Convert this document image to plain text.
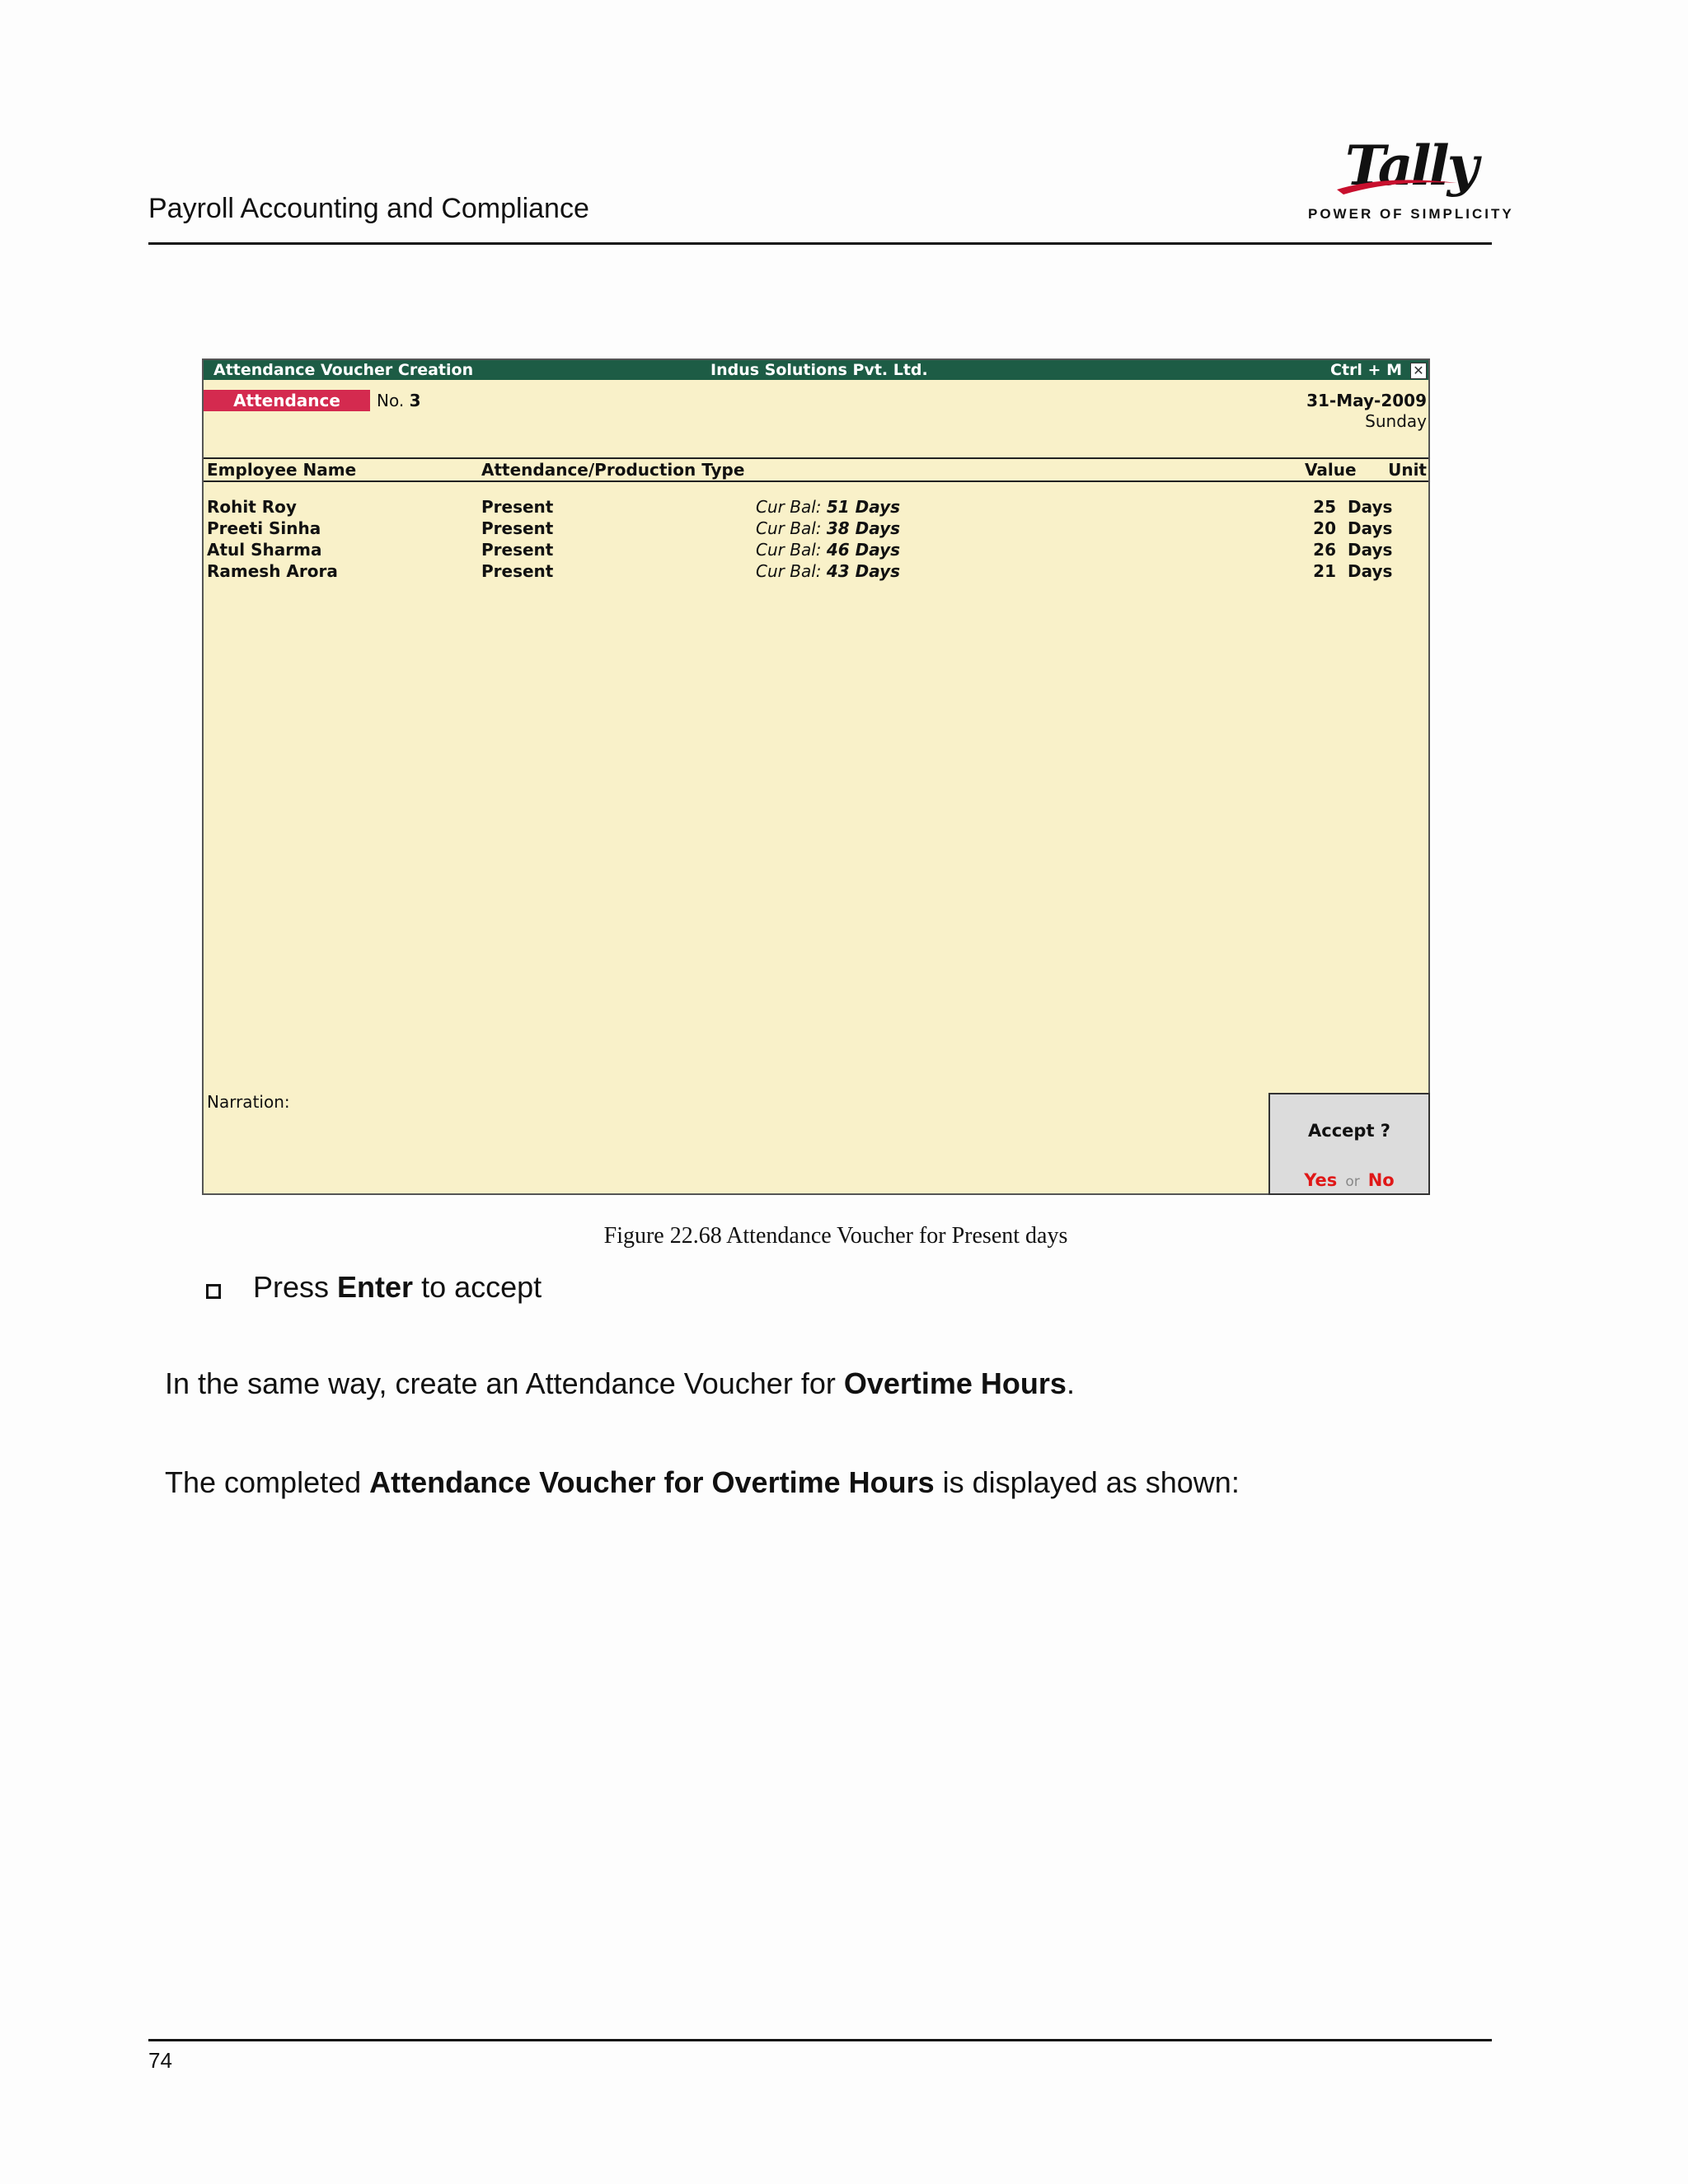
Payroll Accounting and Compliance
Tally
POWER OF SIMPLICITY
Attendance Voucher Creation	Indus Solutions Pvt. Ltd.	Ctrl + M ✕
Attendance	No. 3	31-May-2009
Sunday
Employee Name	Attendance/Production Type	Value Unit
Rohit Roy	Present	Cur Bal: 51 Days	25 Days
Preeti Sinha	Present	Cur Bal: 38 Days	20 Days
Atul Sharma	Present	Cur Bal: 46 Days	26 Days
Ramesh Arora	Present	Cur Bal: 43 Days	21 Days
Narration:
Accept ?
Yes or No
Figure 22.68 Attendance Voucher for Present days
Press Enter to accept
In the same way, create an Attendance Voucher for Overtime Hours.
The completed Attendance Voucher for Overtime Hours is displayed as shown:
74
